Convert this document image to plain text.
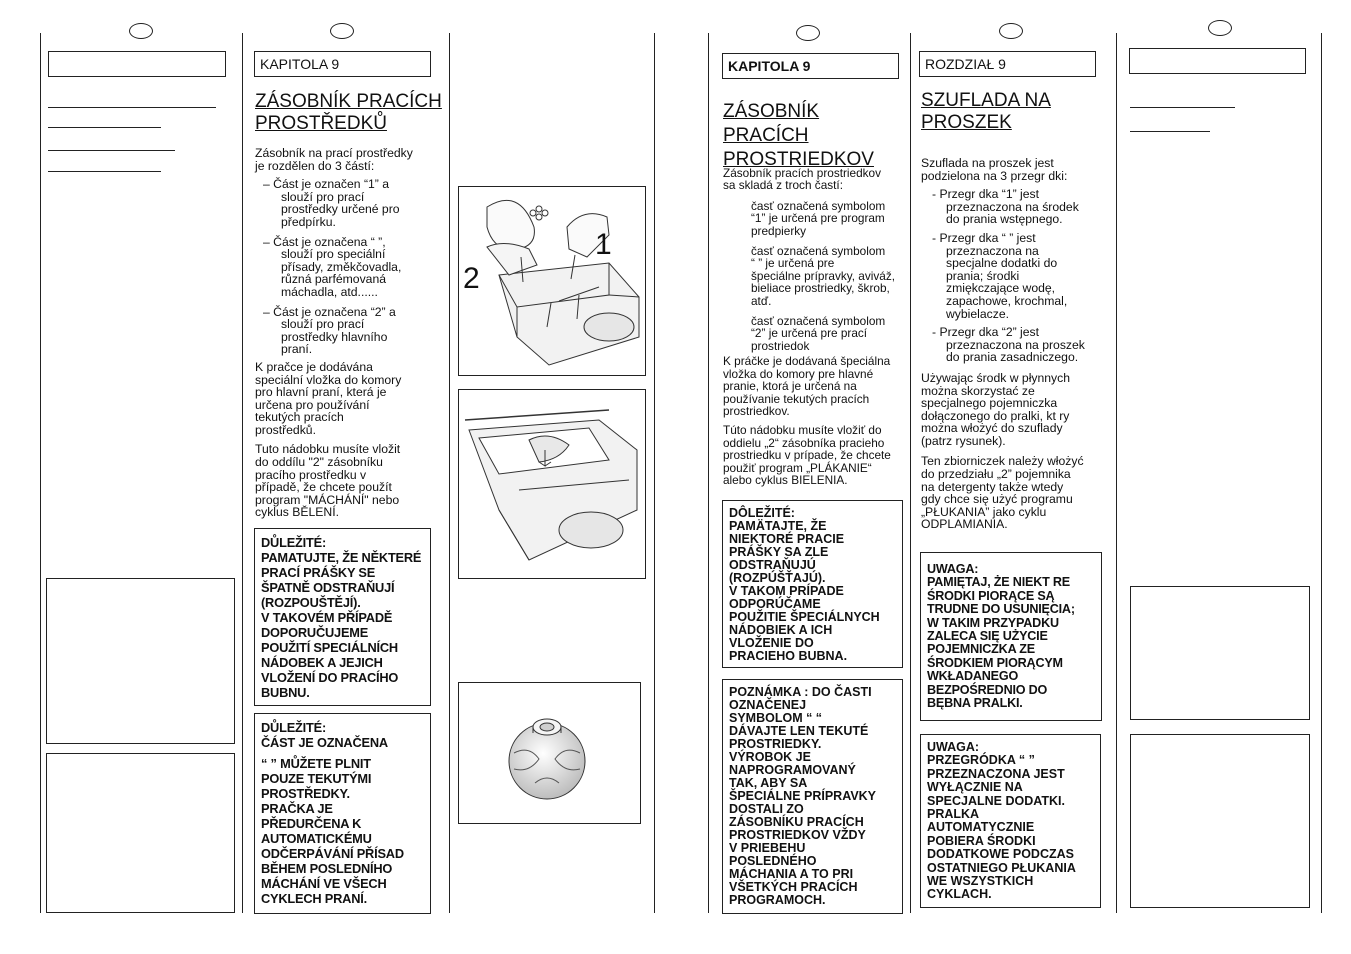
KAPITOLA 9
ZÁSOBNÍK PRACÍCH
PROSTŘEDKŮ
Zásobník na prací prostředky
je rozdělen do 3 částí:
– Část je označen “1” a
slouží pro prací
prostředky určené pro
předpírku.
– Část je označena “ ”,
slouží pro speciální
přísady, změkčovadla,
různá parfémovaná
máchadla, atd......
– Část je označena “2” a
slouží pro prací
prostředky hlavního
praní.
K pračce je dodávána
speciální vložka do komory
pro hlavní praní, která je
určena pro používání
tekutých pracích
prostředků.
Tuto nádobku musíte vložit
do oddílu "2" zásobníku
pracího prostředku v
případě, že chcete použít
program "MÁCHÁNÍ" nebo
cyklus BĚLENÍ.
DŮLEŽITÉ:
PAMATUJTE, ŽE NĚKTERÉ
PRACÍ PRÁŠKY SE
ŠPATNĚ ODSTRAŇUJÍ
(ROZPOUŠTĚJÍ).
V TAKOVÉM PŘÍPADĚ
DOPORUČUJEME
POUŽITÍ SPECIÁLNÍCH
NÁDOBEK A JEJICH
VLOŽENÍ DO PRACÍHO
BUBNU.
DŮLEŽITÉ:
ČÁST JE OZNAČENA
“ ” MŮŽETE PLNIT
POUZE TEKUTÝMI
PROSTŘEDKY.
PRAČKA JE
PŘEDURČENA K
AUTOMATICKÉMU
ODČERPÁVÁNÍ PŘÍSAD
BĚHEM POSLEDNÍHO
MÁCHÁNÍ VE VŠECH
CYKLECH PRANÍ.
1
2
KAPITOLA 9
ZÁSOBNÍK PRACÍCH
PROSTRIEDKOV
Zásobník pracích prostriedkov
sa skladá z troch častí:
časť označená symbolom
“1” je určená pre program
predpierky
časť označená symbolom
“ ” je určená pre
špeciálne prípravky, aviváž,
bieliace prostriedky, škrob,
atď.
časť označená symbolom
“2” je určená pre prací
prostriedok
K práčke je dodávaná špeciálna
vložka do komory pre hlavné
pranie, ktorá je určená na
používanie tekutých pracích
prostriedkov.
Túto nádobku musíte vložiť do
oddielu „2“ zásobníka pracieho
prostriedku v prípade, že chcete
použiť program „PLÁKANIE“
alebo cyklus BIELENIA.
DÔLEŽITÉ:
PAMÄTAJTE, ŽE
NIEKTORÉ PRACIE
PRÁŠKY SA ZLE
ODSTRAŇUJÚ
(ROZPÚŠŤAJÚ).
V TAKOM PRÍPADE
ODPORÚČAME
POUŽITIE ŠPECIÁLNYCH
NÁDOBIEK A ICH
VLOŽENIE DO
PRACIEHO BUBNA.
POZNÁMKA : DO ČASTI
OZNAČENEJ
SYMBOLOM “ “
DÁVAJTE LEN TEKUTÉ
PROSTRIEDKY.
VÝROBOK JE
NAPROGRAMOVANÝ
TAK, ABY SA
ŠPECIÁLNE PRÍPRAVKY
DOSTALI ZO
ZÁSOBNÍKU PRACÍCH
PROSTRIEDKOV VŽDY
V PRIEBEHU
POSLEDNÉHO
MÁCHANIA A TO PRI
VŠETKÝCH PRACÍCH
PROGRAMOCH.
ROZDZIAŁ 9
SZUFLADA NA
PROSZEK
Szuflada na proszek jest
podzielona na 3 przegr dki:
- Przegr dka “1” jest
przeznaczona na środek
do prania wstępnego.
- Przegr dka “ ” jest
przeznaczona na
specjalne dodatki do
prania; środki
zmiękczające wodę,
zapachowe, krochmal,
wybielacze.
- Przegr dka “2” jest
przeznaczona na proszek
do prania zasadniczego.
Używając środk w płynnych
można skorzystać ze
specjalnego pojemniczka
dołączonego do pralki, kt ry
można włożyć do szuflady
(patrz rysunek).
Ten zbiorniczek należy włożyć
do przedziału „2” pojemnika
na detergenty także wtedy
gdy chce się użyć programu
„PŁUKANIA” jako cyklu
ODPLAMIANIA.
UWAGA:
PAMIĘTAJ, ŻE NIEKT RE
ŚRODKI PIORĄCE SĄ
TRUDNE DO USUNIĘCIA;
W TAKIM PRZYPADKU
ZALECA SIĘ UŻYCIE
POJEMNICZKA ZE
ŚRODKIEM PIORĄCYM
WKŁADANEGO
BEZPOŚREDNIO DO
BĘBNA PRALKI.
UWAGA:
PRZEGRÓDKA “ ”
PRZEZNACZONA JEST
WYŁĄCZNIE NA
SPECJALNE DODATKI.
PRALKA
AUTOMATYCZNIE
POBIERA ŚRODKI
DODATKOWE PODCZAS
OSTATNIEGO PŁUKANIA
WE WSZYSTKICH
CYKLACH.
